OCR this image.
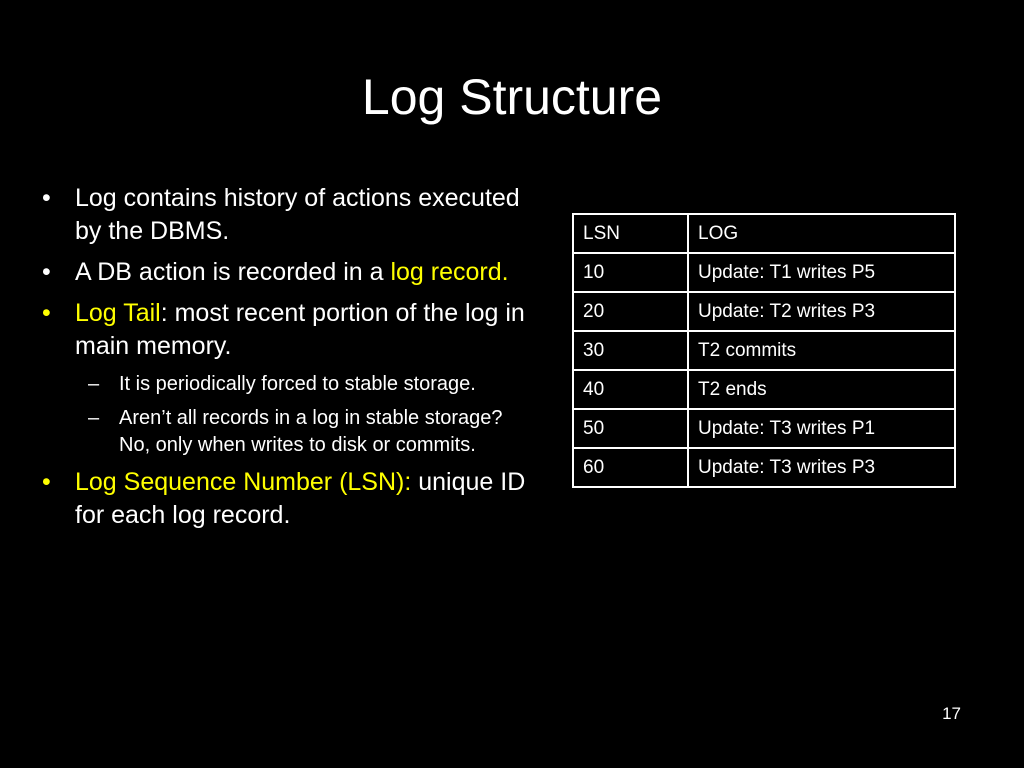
Log Structure
• Log contains history of actions executed by the DBMS.
• A DB action is recorded in a log record.
• Log Tail: most recent portion of the log in main memory.
– It is periodically forced to stable storage.
– Aren’t all records in a log in stable storage? No, only when writes to disk or commits.
• Log Sequence Number (LSN): unique ID for each log record.
LSN	LOG
10	Update: T1 writes P5
20	Update: T2 writes P3
30	T2 commits
40	T2 ends
50	Update: T3 writes P1
60	Update: T3 writes P3
17
